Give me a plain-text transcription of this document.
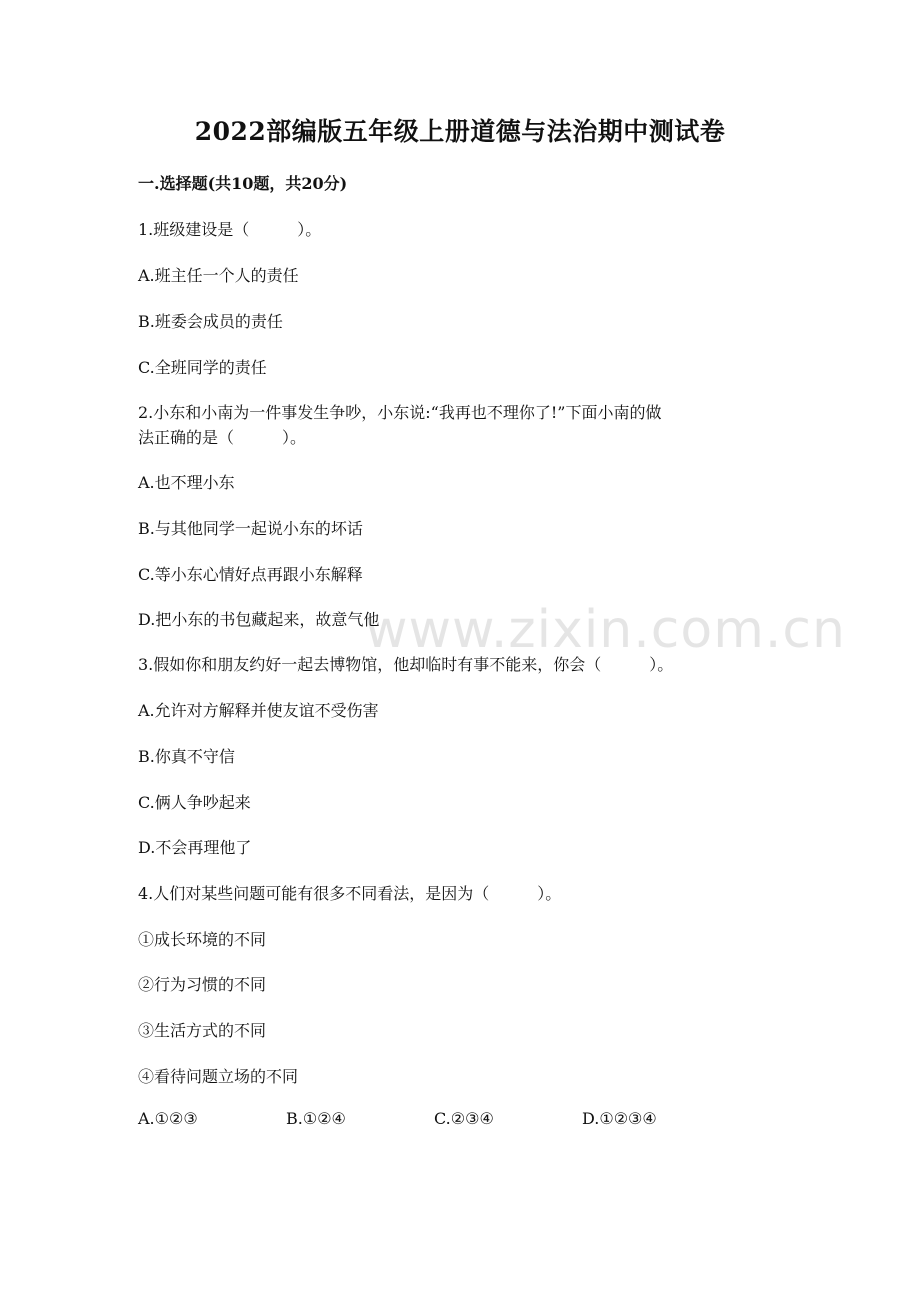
www.zixin.com.cn
2022部编版五年级上册道德与法治期中测试卷
一.选择题(共10题，共20分)
1.班级建设是（　　　）。
A.班主任一个人的责任
B.班委会成员的责任
C.全班同学的责任
2.小东和小南为一件事发生争吵，小东说:“我再也不理你了!”下面小南的做
法正确的是（　　　）。
A.也不理小东
B.与其他同学一起说小东的坏话
C.等小东心情好点再跟小东解释
D.把小东的书包藏起来，故意气他
3.假如你和朋友约好一起去博物馆，他却临时有事不能来，你会（　　　）。
A.允许对方解释并使友谊不受伤害
B.你真不守信
C.俩人争吵起来
D.不会再理他了
4.人们对某些问题可能有很多不同看法，是因为（　　　）。
①成长环境的不同
②行为习惯的不同
③生活方式的不同
④看待问题立场的不同
A.①②③	B.①②④	C.②③④	D.①②③④
